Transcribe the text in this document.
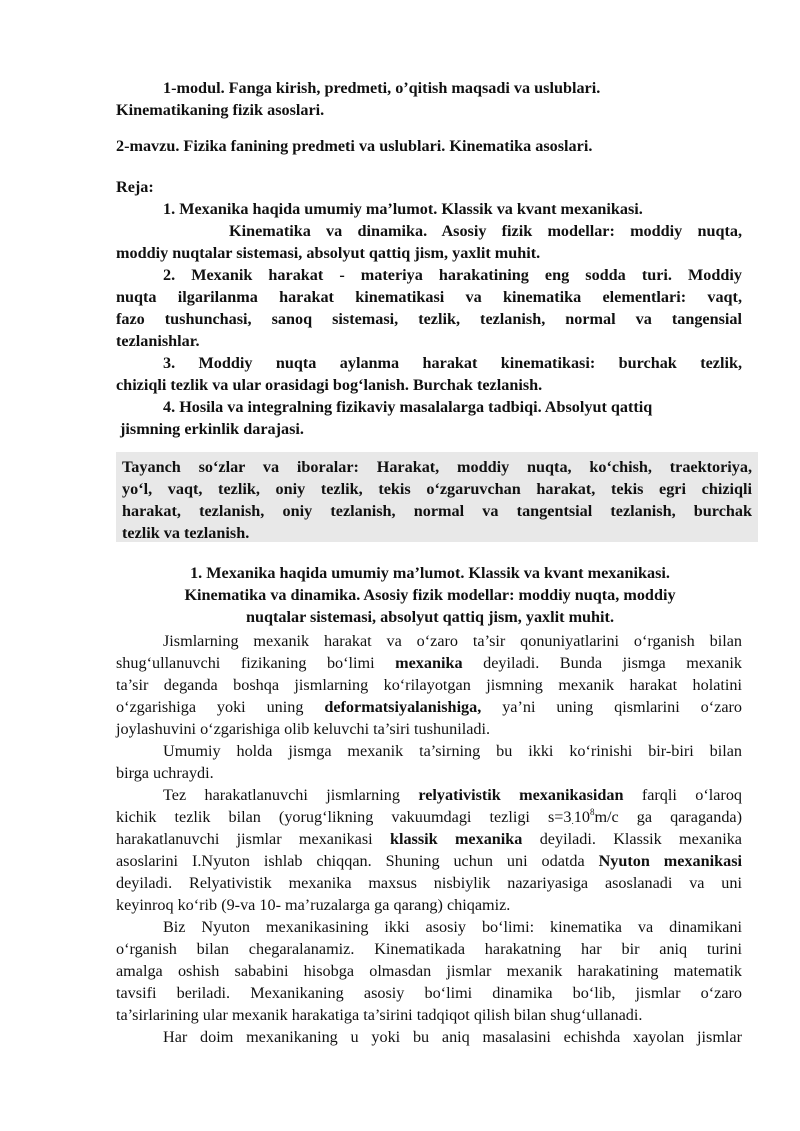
1-modul. Fanga kirish, predmeti, o’qitish maqsadi va uslublari.
Kinematikaning fizik asoslari.
2-mavzu. Fizika fanining predmeti va uslublari. Kinematika asoslari.
Reja:
1. Mexanika haqida umumiy ma’lumot. Klassik va kvant mexanikasi.
Kinematika va dinamika. Asosiy fizik modellar: moddiy nuqta,
moddiy nuqtalar sistemasi, absolyut qattiq jism, yaxlit muhit.
2. Mexanik harakat - materiya harakatining eng sodda turi. Moddiy
nuqta ilgarilanma harakat kinematikasi va kinematika elementlari: vaqt,
fazo tushunchasi, sanoq sistemasi, tezlik, tezlanish, normal va tangensial
tezlanishlar.
3. Moddiy nuqta aylanma harakat kinematikasi: burchak tezlik,
chiziqli tezlik va ular orasidagi bog‘lanish. Burchak tezlanish.
4. Hosila va integralning fizikaviy masalalarga tadbiqi. Absolyut qattiq
jismning erkinlik darajasi.
Tayanch so‘zlar va iboralar: Harakat, moddiy nuqta, ko‘chish, traektoriya,
yo‘l, vaqt, tezlik, oniy tezlik, tekis o‘zgaruvchan harakat, tekis egri chiziqli
harakat, tezlanish, oniy tezlanish, normal va tangentsial tezlanish, burchak
tezlik va tezlanish.
1. Mexanika haqida umumiy ma’lumot. Klassik va kvant mexanikasi.
Kinematika va dinamika. Asosiy fizik modellar: moddiy nuqta, moddiy
nuqtalar sistemasi, absolyut qattiq jism, yaxlit muhit.
Jismlarning mexanik harakat va o‘zaro ta’sir qonuniyatlarini o‘rganish bilan
shug‘ullanuvchi fizikaning bo‘limi mexanika deyiladi. Bunda jismga mexanik
ta’sir deganda boshqa jismlarning ko‘rilayotgan jismning mexanik harakat holatini
o‘zgarishiga yoki uning deformatsiyalanishiga, ya’ni uning qismlarini o‘zaro
joylashuvini o‘zgarishiga olib keluvchi ta’siri tushuniladi.
Umumiy holda jismga mexanik ta’sirning bu ikki ko‘rinishi bir-biri bilan
birga uchraydi.
Tez harakatlanuvchi jismlarning relyativistik mexanikasidan farqli o‘laroq
kichik tezlik bilan (yorug‘likning vakuumdagi tezligi $s=3_.10^8m/c$ ga qaraganda)
harakatlanuvchi jismlar mexanikasi klassik mexanika deyiladi. Klassik mexanika
asoslarini I.Nyuton ishlab chiqqan. Shuning uchun uni odatda Nyuton mexanikasi
deyiladi. Relyativistik mexanika maxsus nisbiylik nazariyasiga asoslanadi va uni
keyinroq ko‘rib (9-va 10- ma’ruzalarga ga qarang) chiqamiz.
Biz Nyuton mexanikasining ikki asosiy bo‘limi: kinematika va dinamikani
o‘rganish bilan chegaralanamiz. Kinematikada harakatning har bir aniq turini
amalga oshish sababini hisobga olmasdan jismlar mexanik harakatining matematik
tavsifi beriladi. Mexanikaning asosiy bo‘limi dinamika bo‘lib, jismlar o‘zaro
ta’sirlarining ular mexanik harakatiga ta’sirini tadqiqot qilish bilan shug‘ullanadi.
Har doim mexanikaning u yoki bu aniq masalasini echishda xayolan jismlar
